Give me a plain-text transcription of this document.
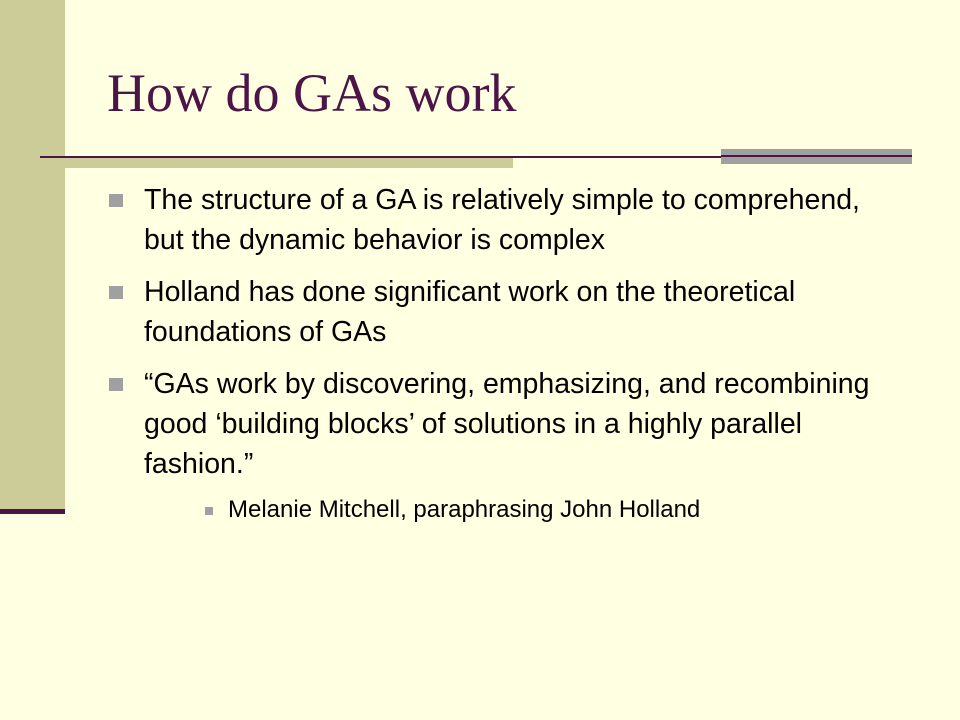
How do GAs work
The structure of a GA is relatively simple to comprehend, but the dynamic behavior is complex
Holland has done significant work on the theoretical foundations of GAs
“GAs work by discovering, emphasizing, and recombining good ‘building blocks’ of solutions in a highly parallel fashion.”
Melanie Mitchell, paraphrasing John Holland
